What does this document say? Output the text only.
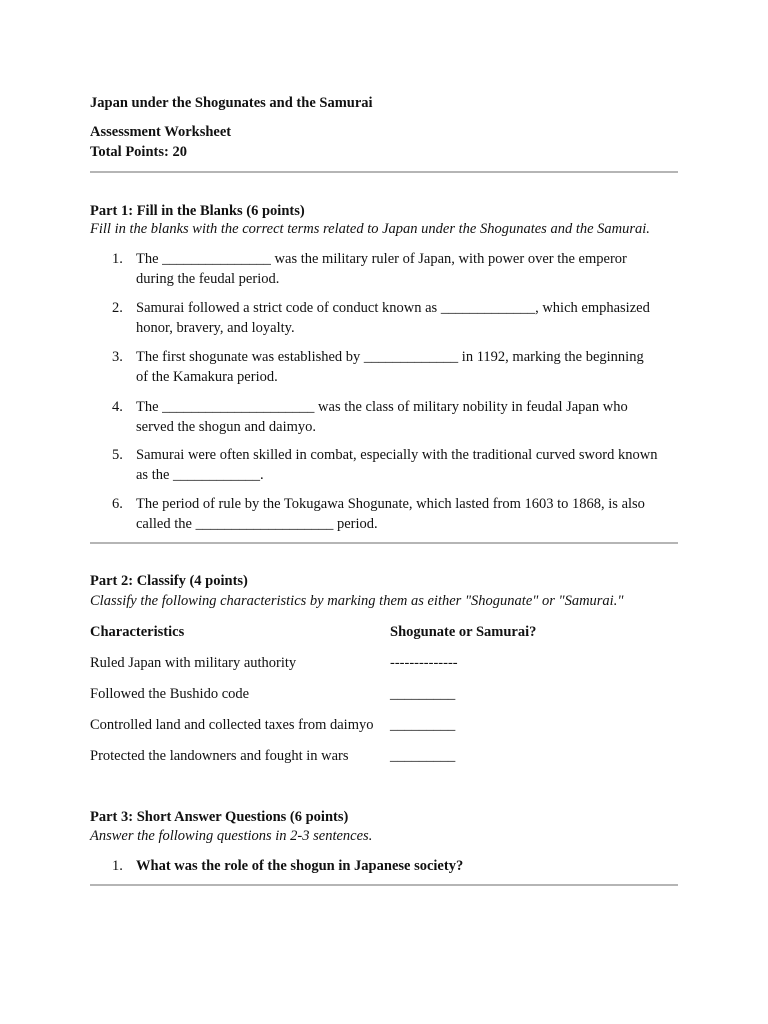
Japan under the Shogunates and the Samurai
Assessment Worksheet
Total Points: 20
Part 1: Fill in the Blanks (6 points)
Fill in the blanks with the correct terms related to Japan under the Shogunates and the Samurai.
1. The _______________ was the military ruler of Japan, with power over the emperor
during the feudal period.
2. Samurai followed a strict code of conduct known as _____________, which emphasized
honor, bravery, and loyalty.
3. The first shogunate was established by _____________ in 1192, marking the beginning
of the Kamakura period.
4. The _____________________ was the class of military nobility in feudal Japan who
served the shogun and daimyo.
5. Samurai were often skilled in combat, especially with the traditional curved sword known
as the ____________.
6. The period of rule by the Tokugawa Shogunate, which lasted from 1603 to 1868, is also
called the ___________________ period.
Part 2: Classify (4 points)
Classify the following characteristics by marking them as either "Shogunate" or "Samurai."
Characteristics	Shogunate or Samurai?
Ruled Japan with military authority	--------------
Followed the Bushido code	_________
Controlled land and collected taxes from daimyo	_________
Protected the landowners and fought in wars	_________
Part 3: Short Answer Questions (6 points)
Answer the following questions in 2-3 sentences.
1. What was the role of the shogun in Japanese society?
